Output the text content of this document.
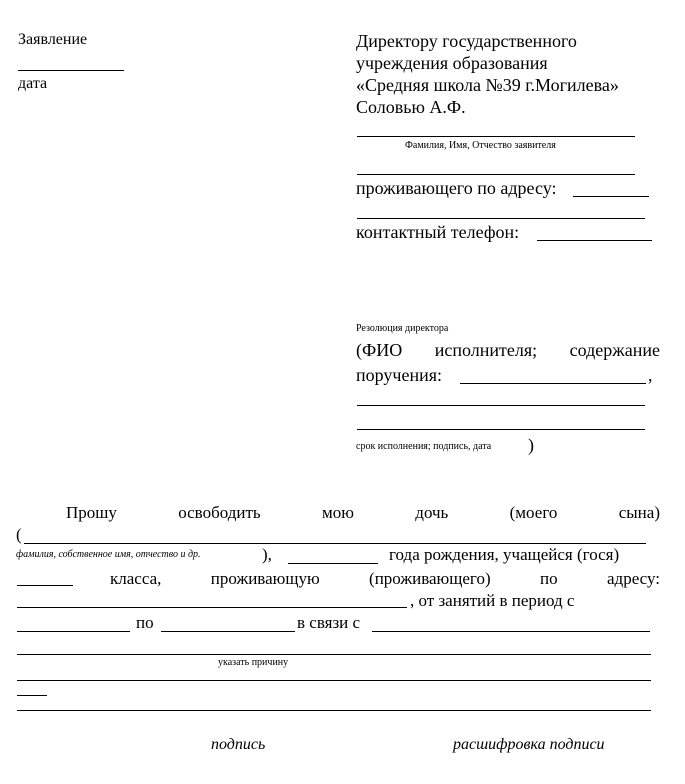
Заявление
дата
Директору государственного
учреждения образования
«Средняя школа №39 г.Могилева»
Соловью А.Ф.
Фамилия, Имя, Отчество заявителя
проживающего по адресу:
контактный телефон:
Резолюция директора
(ФИО исполнителя; содержание
поручения:	,
срок исполнения; подпись, дата )
Прошу	освободить	мою	дочь	(моего	сына)
(
фамилия, собственное имя, отчество и др.	),	года рождения, учащейся (гося)
класса,	проживающую	(проживающего)	по	адресу:
, от занятий в период с
по	в связи с
указать причину
подпись	расшифровка подписи
